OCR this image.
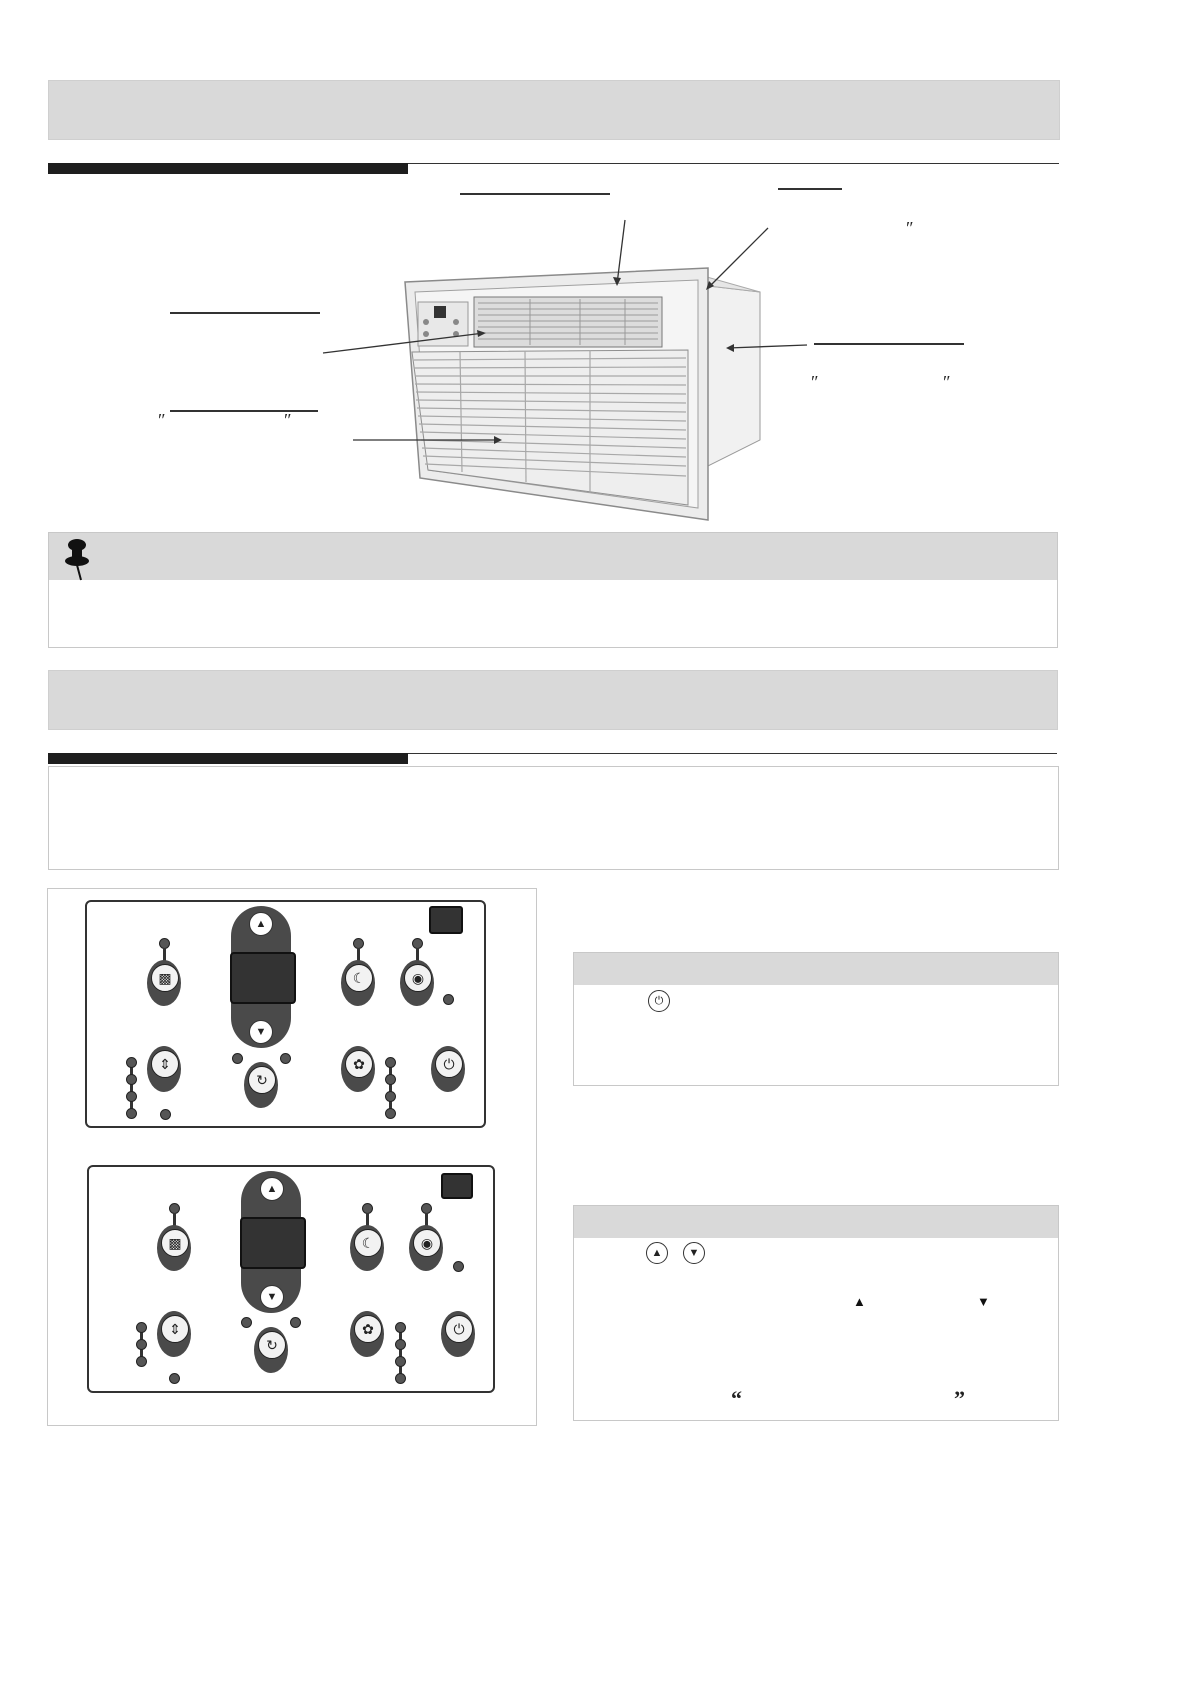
″
″	″
″	″
▲
▼
▩	☾	◉
⇕
↻
✿	⏻
▲
▼
▩	☾	◉
⇕
↻
✿	⏻
⏻
▲	▼
▲	▼
“	”
